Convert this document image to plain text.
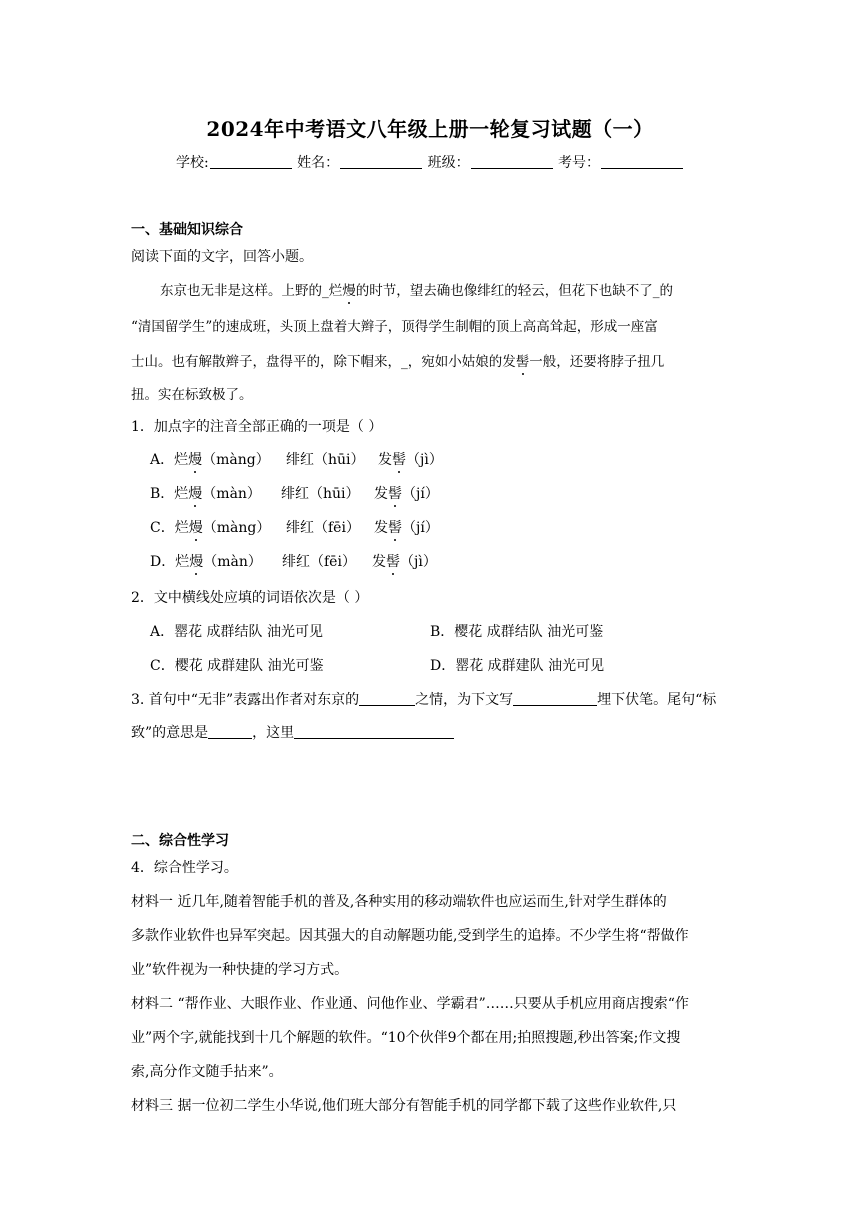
2024年中考语文八年级上册一轮复习试题（一）
学校:	姓名：	班级：	考号：
一、基础知识综合
阅读下面的文字，回答小题。
东京也无非是这样。上野的_烂熳的时节，望去确也像绯红的轻云，但花下也缺不了_的
“清国留学生”的速成班，头顶上盘着大辫子，顶得学生制帽的顶上高高耸起，形成一座富
士山。也有解散辫子，盘得平的，除下帽来，_，宛如小姑娘的发髻一般，还要将脖子扭几
扭。实在标致极了。
1．加点字的注音全部正确的一项是（ ）
A．烂熳（màng） 绯红（hūi） 发髻（jì）
B．烂熳（màn） 绯红（hūi） 发髻（jí）
C．烂熳（màng） 绯红（fēi） 发髻（jí）
D．烂熳（màn） 绯红（fēi） 发髻（jì）
2．文中横线处应填的词语依次是（ ）
A．罂花 成群结队 油光可见	B．樱花 成群结队 油光可鉴
C．樱花 成群建队 油光可鉴	D．罂花 成群建队 油光可见
3. 首句中“无非”表露出作者对东京的	之情，为下文写	埋下伏笔。尾句“标
致”的意思是	，这里
二、综合性学习
4．综合性学习。
材料一 近几年,随着智能手机的普及,各种实用的移动端软件也应运而生,针对学生群体的
多款作业软件也异军突起。因其强大的自动解题功能,受到学生的追捧。不少学生将“帮做作
业”软件视为一种快捷的学习方式。
材料二 “帮作业、大眼作业、作业通、问他作业、学霸君”……只要从手机应用商店搜索“作
业”两个字,就能找到十几个解题的软件。“10个伙伴9个都在用;拍照搜题,秒出答案;作文搜
索,高分作文随手拈来”。
材料三 据一位初二学生小华说,他们班大部分有智能手机的同学都下载了这些作业软件,只
